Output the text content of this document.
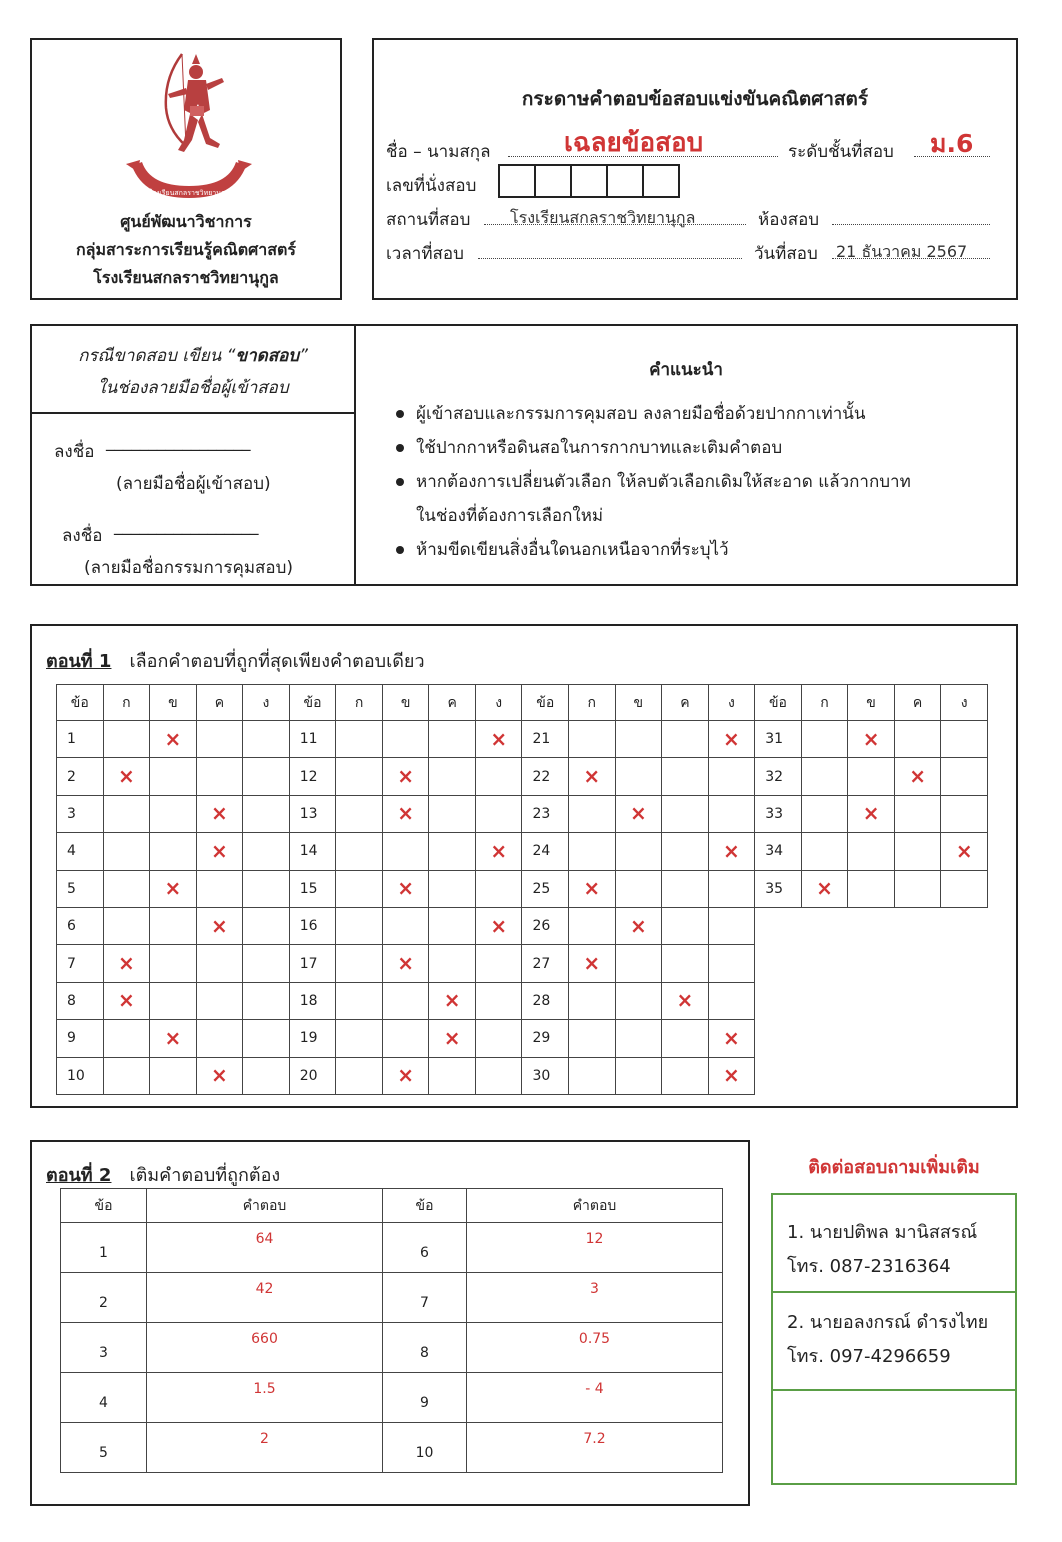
โรงเรียนสกลราชวิทยานุกูล
ศูนย์พัฒนาวิชาการ
กลุ่มสาระการเรียนรู้คณิตศาสตร์
โรงเรียนสกลราชวิทยานุกูล
กระดาษคำตอบข้อสอบแข่งขันคณิตศาสตร์
ชื่อ – นามสกุล	เฉลยข้อสอบ	ระดับชั้นที่สอบ ม.6
เลขที่นั่งสอบ
สถานที่สอบ โรงเรียนสกลราชวิทยานุกูล	ห้องสอบ
เวลาที่สอบ	วันที่สอบ 21 ธันวาคม 2567
กรณีขาดสอบ เขียน “ขาดสอบ”
ในช่องลายมือชื่อผู้เข้าสอบ
ลงชื่อ _________________
(ลายมือชื่อผู้เข้าสอบ)
ลงชื่อ _________________
(ลายมือชื่อกรรมการคุมสอบ)
คำแนะนำ
ผู้เข้าสอบและกรรมการคุมสอบ ลงลายมือชื่อด้วยปากกาเท่านั้น
ใช้ปากกาหรือดินสอในการกากบาทและเติมคำตอบ
หากต้องการเปลี่ยนตัวเลือก ให้ลบตัวเลือกเดิมให้สะอาด แล้วกากบาท
ในช่องที่ต้องการเลือกใหม่
ห้ามขีดเขียนสิ่งอื่นใดนอกเหนือจากที่ระบุไว้
ตอนที่ 1 เลือกคำตอบที่ถูกที่สุดเพียงคำตอบเดียว
ข้อ	ก	ข	ค	ง	ข้อ	ก	ข	ค	ง	ข้อ	ก	ข	ค	ง	ข้อ	ก	ข	ค	ง
1		×			11				×	21				×	31		×		
2	×				12		×			22	×				32			×	
3			×		13		×			23		×			33		×		
4			×		14				×	24				×	34				×
5		×			15		×			25	×				35	×			
6			×		16				×	26		×							
7	×				17		×			27	×								
8	×				18			×		28			×						
9		×			19			×		29				×					
10			×		20		×			30				×					
ตอนที่ 2 เติมคำตอบที่ถูกต้อง
ข้อ	คำตอบ	ข้อ	คำตอบ
1	64	6	12
2	42	7	3
3	660	8	0.75
4	1.5	9	- 4
5	2	10	7.2
ติดต่อสอบถามเพิ่มเติม
1. นายปติพล มานิสสรณ์
โทร. 087-2316364
2. นายอลงกรณ์ ดำรงไทย
โทร. 097-4296659
